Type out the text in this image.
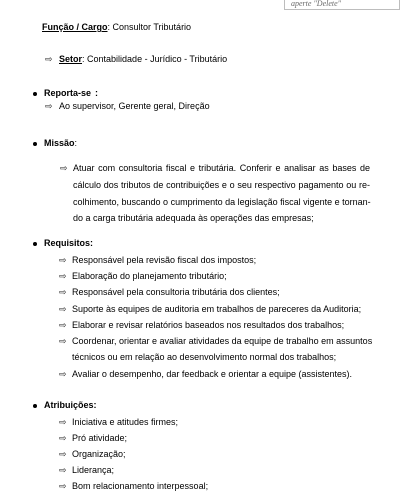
aperte "Delete"
Função / Cargo: Consultor Tributário
⇨ Setor: Contabilidade - Jurídico - Tributário
Reporta-se :
⇨ Ao supervisor, Gerente geral, Direção
Missão:
⇨ Atuar com consultoria fiscal e tributária. Conferir e analisar as bases de
cálculo dos tributos de contribuições e o seu respectivo pagamento ou re-
colhimento, buscando o cumprimento da legislação fiscal vigente e tornan-
do a carga tributária adequada às operações das empresas;
Requisitos:
⇨ Responsável pela revisão fiscal dos impostos;
⇨ Elaboração do planejamento tributário;
⇨ Responsável pela consultoria tributária dos clientes;
⇨ Suporte às equipes de auditoria em trabalhos de pareceres da Auditoria;
⇨ Elaborar e revisar relatórios baseados nos resultados dos trabalhos;
⇨ Coordenar, orientar e avaliar atividades da equipe de trabalho em assuntos
técnicos ou em relação ao desenvolvimento normal dos trabalhos;
⇨ Avaliar o desempenho, dar feedback e orientar a equipe (assistentes).
Atribuições:
⇨ Iniciativa e atitudes firmes;
⇨ Pró atividade;
⇨ Organização;
⇨ Liderança;
⇨ Bom relacionamento interpessoal;
